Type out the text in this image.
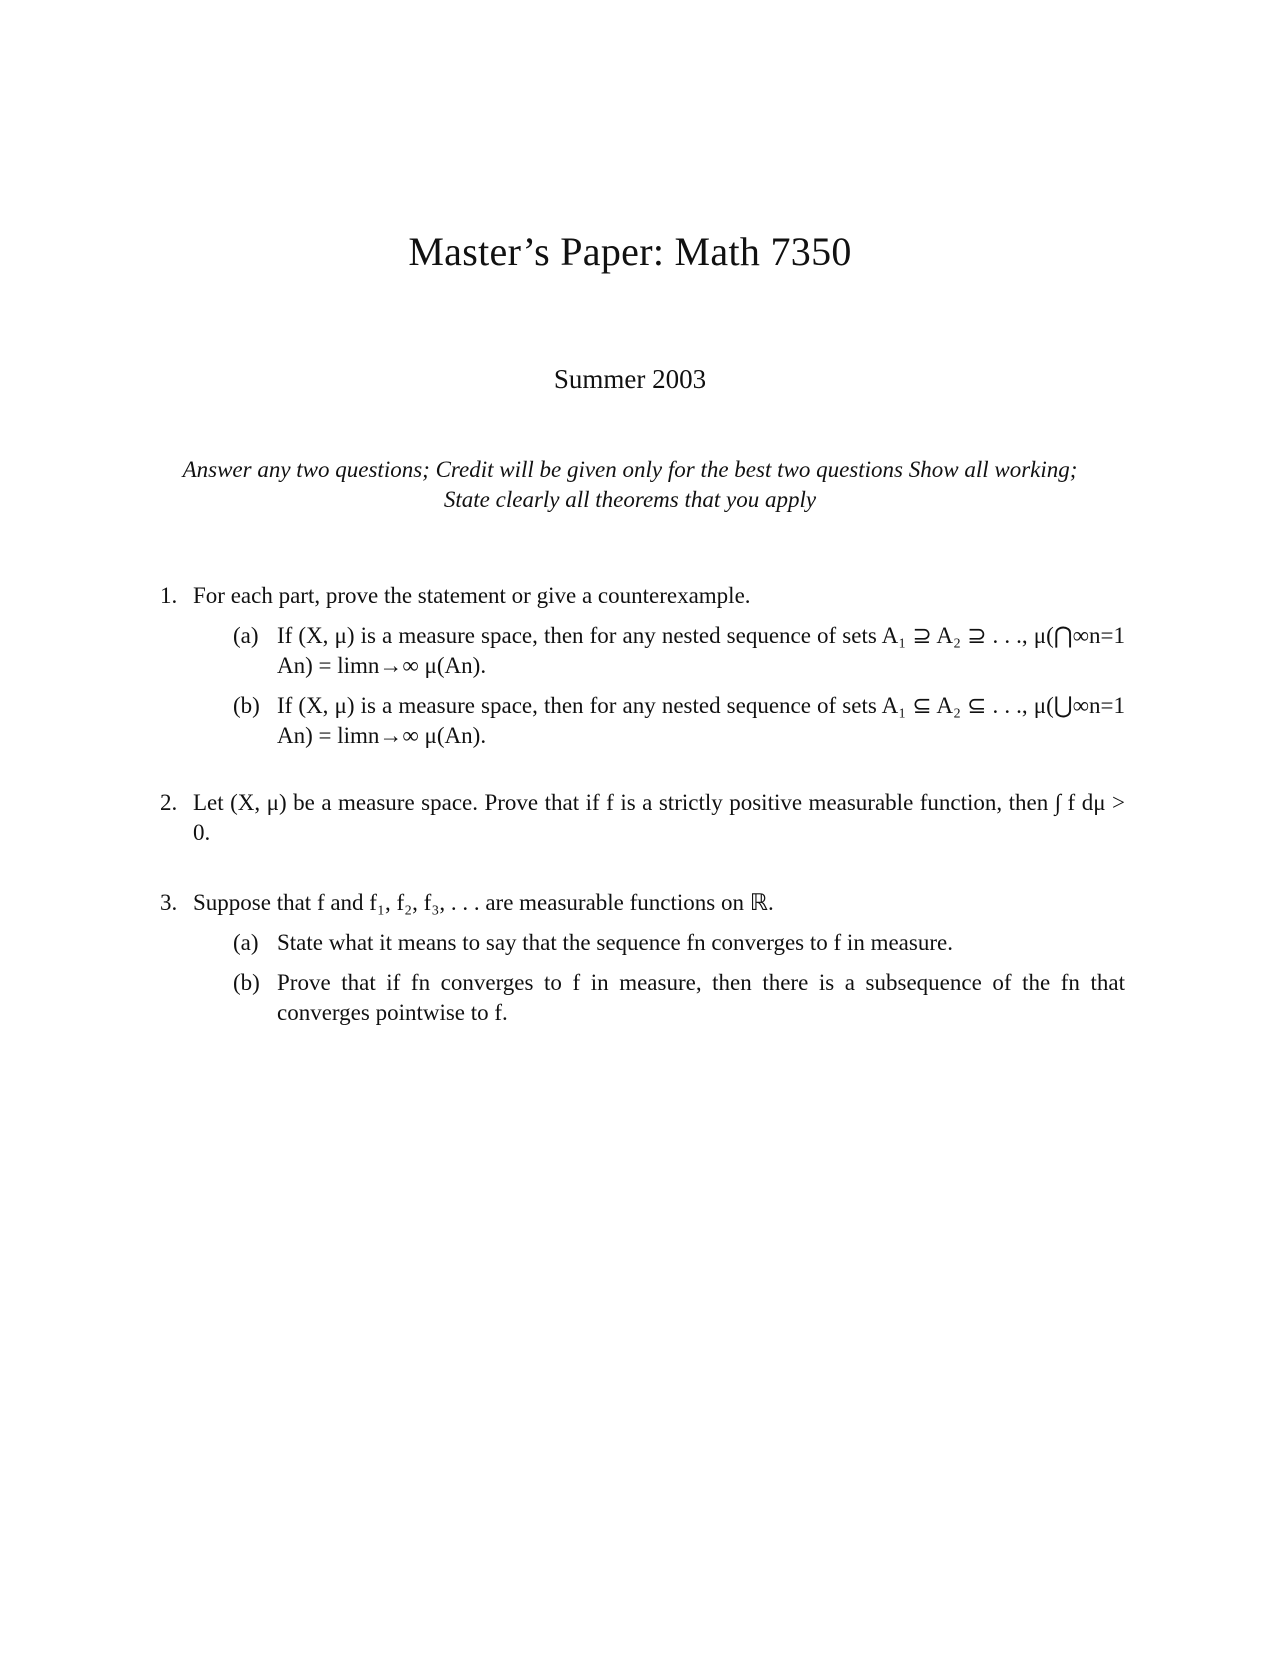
Master’s Paper: Math 7350
Summer 2003
Answer any two questions; Credit will be given only for the best two questions Show all working; State clearly all theorems that you apply
1. For each part, prove the statement or give a counterexample.
(a) If (X, μ) is a measure space, then for any nested sequence of sets A₁ ⊇ A₂ ⊇ . . ., μ(⋂∞n=1 An) = limn→∞ μ(An).
(b) If (X, μ) is a measure space, then for any nested sequence of sets A₁ ⊆ A₂ ⊆ . . ., μ(⋃∞n=1 An) = limn→∞ μ(An).
2. Let (X, μ) be a measure space. Prove that if f is a strictly positive measurable function, then ∫ f dμ > 0.
3. Suppose that f and f₁, f₂, f₃, . . . are measurable functions on ℝ.
(a) State what it means to say that the sequence fn converges to f in measure.
(b) Prove that if fn converges to f in measure, then there is a subsequence of the fn that converges pointwise to f.
